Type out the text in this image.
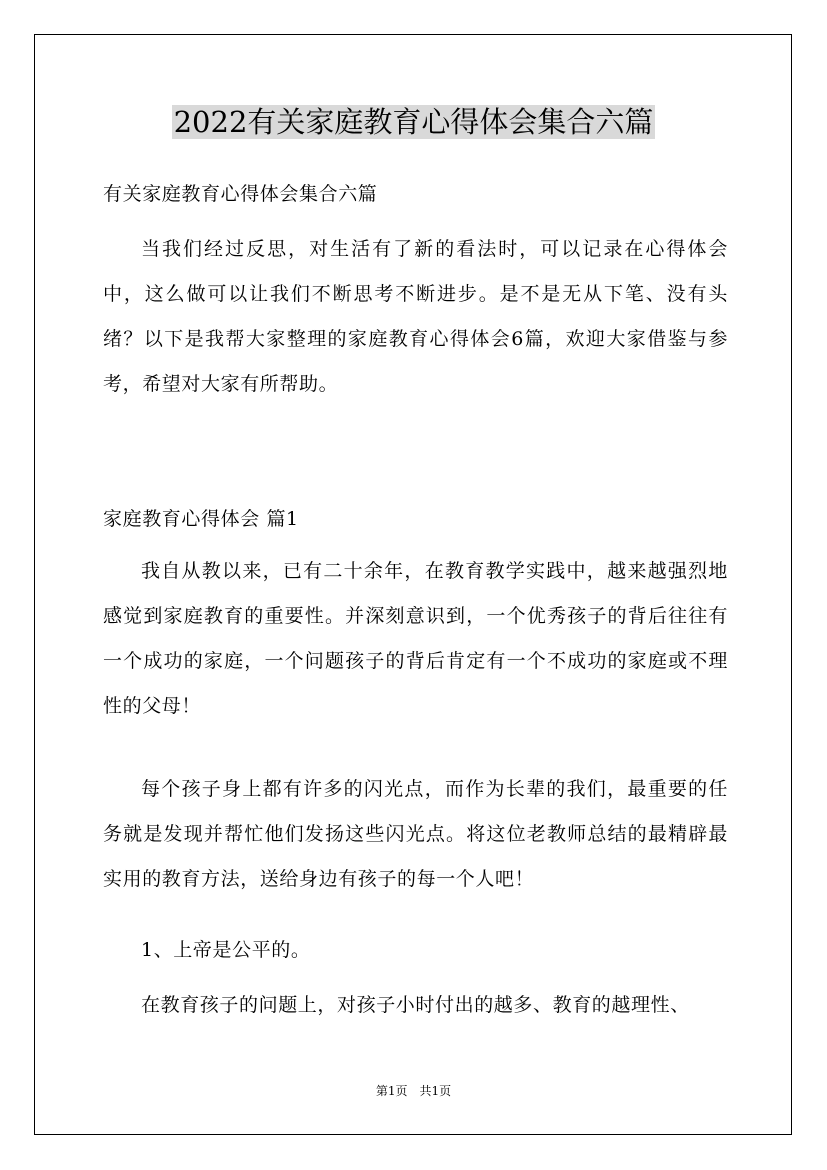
2022有关家庭教育心得体会集合六篇

有关家庭教育心得体会集合六篇

当我们经过反思，对生活有了新的看法时，可以记录在心得体会中，这么做可以让我们不断思考不断进步。是不是无从下笔、没有头绪？以下是我帮大家整理的家庭教育心得体会6篇，欢迎大家借鉴与参考，希望对大家有所帮助。

家庭教育心得体会 篇1

我自从教以来，已有二十余年，在教育教学实践中，越来越强烈地感觉到家庭教育的重要性。并深刻意识到，一个优秀孩子的背后往往有一个成功的家庭，一个问题孩子的背后肯定有一个不成功的家庭或不理性的父母！

每个孩子身上都有许多的闪光点，而作为长辈的我们，最重要的任务就是发现并帮忙他们发扬这些闪光点。将这位老教师总结的最精辟最实用的教育方法，送给身边有孩子的每一个人吧！

1、上帝是公平的。

在教育孩子的问题上，对孩子小时付出的越多、教育的越理性、

第1页　共1页
